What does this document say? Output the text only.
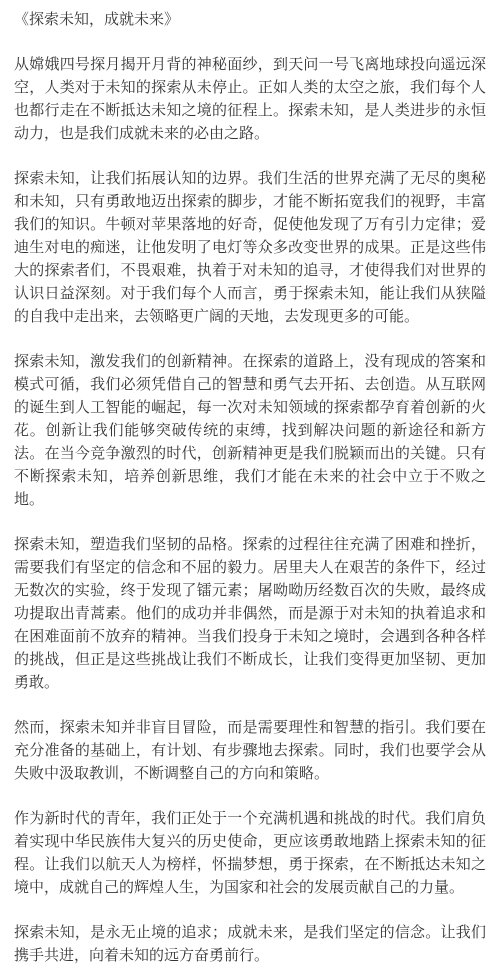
《探索未知，成就未来》

从嫦娥四号探月揭开月背的神秘面纱，到天问一号飞离地球投向遥远深空，人类对于未知的探索从未停止。正如人类的太空之旅，我们每个人也都行走在不断抵达未知之境的征程上。探索未知，是人类进步的永恒动力，也是我们成就未来的必由之路。

探索未知，让我们拓展认知的边界。我们生活的世界充满了无尽的奥秘和未知，只有勇敢地迈出探索的脚步，才能不断拓宽我们的视野，丰富我们的知识。牛顿对苹果落地的好奇，促使他发现了万有引力定律；爱迪生对电的痴迷，让他发明了电灯等众多改变世界的成果。正是这些伟大的探索者们，不畏艰难，执着于对未知的追寻，才使得我们对世界的认识日益深刻。对于我们每个人而言，勇于探索未知，能让我们从狭隘的自我中走出来，去领略更广阔的天地，去发现更多的可能。

探索未知，激发我们的创新精神。在探索的道路上，没有现成的答案和模式可循，我们必须凭借自己的智慧和勇气去开拓、去创造。从互联网的诞生到人工智能的崛起，每一次对未知领域的探索都孕育着创新的火花。创新让我们能够突破传统的束缚，找到解决问题的新途径和新方法。在当今竞争激烈的时代，创新精神更是我们脱颖而出的关键。只有不断探索未知，培养创新思维，我们才能在未来的社会中立于不败之地。

探索未知，塑造我们坚韧的品格。探索的过程往往充满了困难和挫折，需要我们有坚定的信念和不屈的毅力。居里夫人在艰苦的条件下，经过无数次的实验，终于发现了镭元素；屠呦呦历经数百次的失败，最终成功提取出青蒿素。他们的成功并非偶然，而是源于对未知的执着追求和在困难面前不放弃的精神。当我们投身于未知之境时，会遇到各种各样的挑战，但正是这些挑战让我们不断成长，让我们变得更加坚韧、更加勇敢。

然而，探索未知并非盲目冒险，而是需要理性和智慧的指引。我们要在充分准备的基础上，有计划、有步骤地去探索。同时，我们也要学会从失败中汲取教训，不断调整自己的方向和策略。

作为新时代的青年，我们正处于一个充满机遇和挑战的时代。我们肩负着实现中华民族伟大复兴的历史使命，更应该勇敢地踏上探索未知的征程。让我们以航天人为榜样，怀揣梦想，勇于探索，在不断抵达未知之境中，成就自己的辉煌人生，为国家和社会的发展贡献自己的力量。

探索未知，是永无止境的追求；成就未来，是我们坚定的信念。让我们携手共进，向着未知的远方奋勇前行。
